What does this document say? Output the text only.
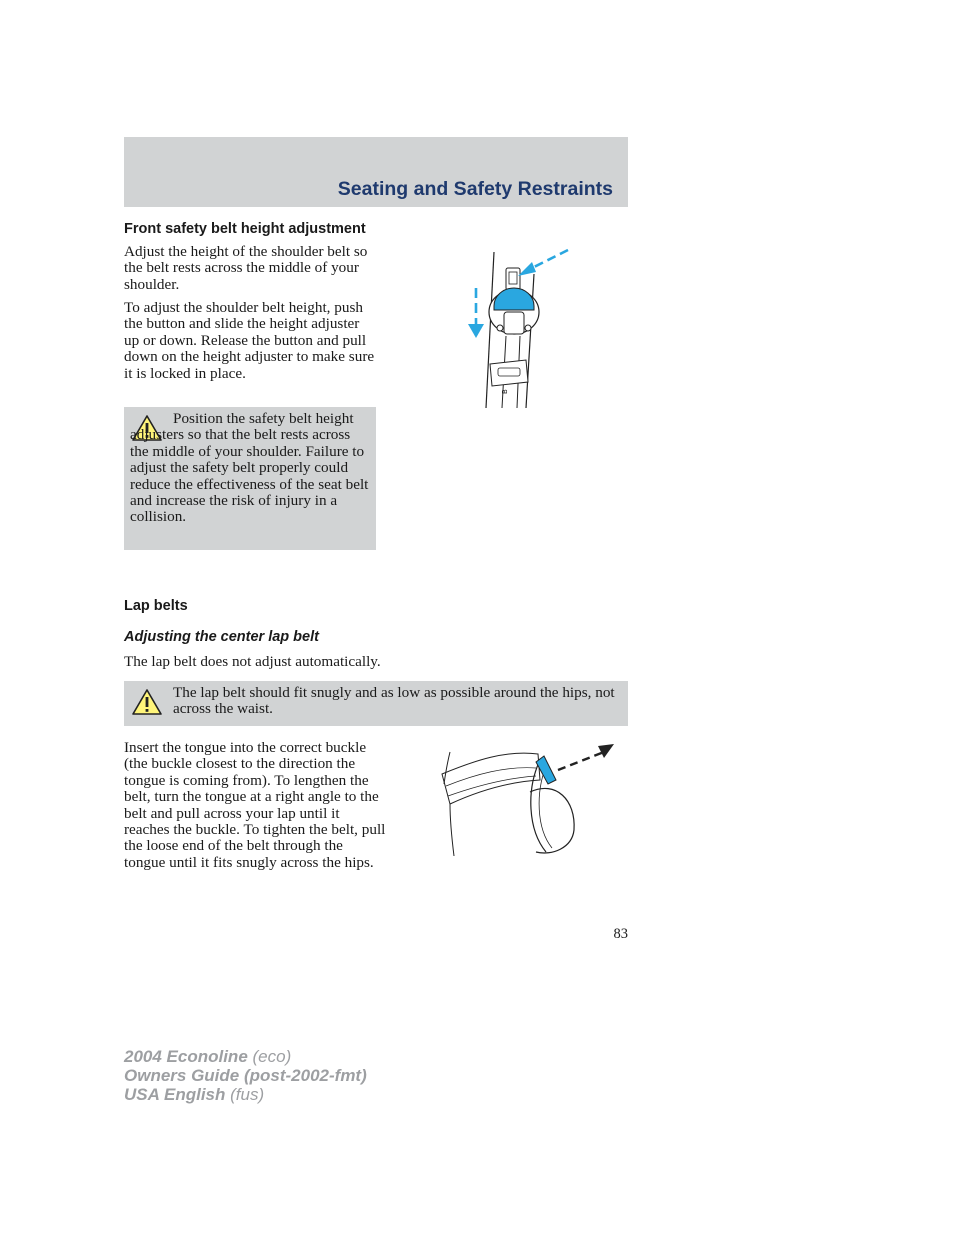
Seating and Safety Restraints
Front safety belt height adjustment

Adjust the height of the shoulder belt so the belt rests across the middle of your shoulder.

To adjust the shoulder belt height, push the button and slide the height adjuster up or down. Release the button and pull down on the height adjuster to make sure it is locked in place.

B

Position the safety belt height adjusters so that the belt rests across the middle of your shoulder. Failure to adjust the safety belt properly could reduce the effectiveness of the seat belt and increase the risk of injury in a collision.

Lap belts
Adjusting the center lap belt

The lap belt does not adjust automatically.

The lap belt should fit snugly and as low as possible around the hips, not across the waist.

Insert the tongue into the correct buckle (the buckle closest to the direction the tongue is coming from). To lengthen the belt, turn the tongue at a right angle to the belt and pull across your lap until it reaches the buckle. To tighten the belt, pull the loose end of the belt through the tongue until it fits snugly across the hips.

83
2004 Econoline (eco)
Owners Guide (post-2002-fmt)
USA English (fus)
